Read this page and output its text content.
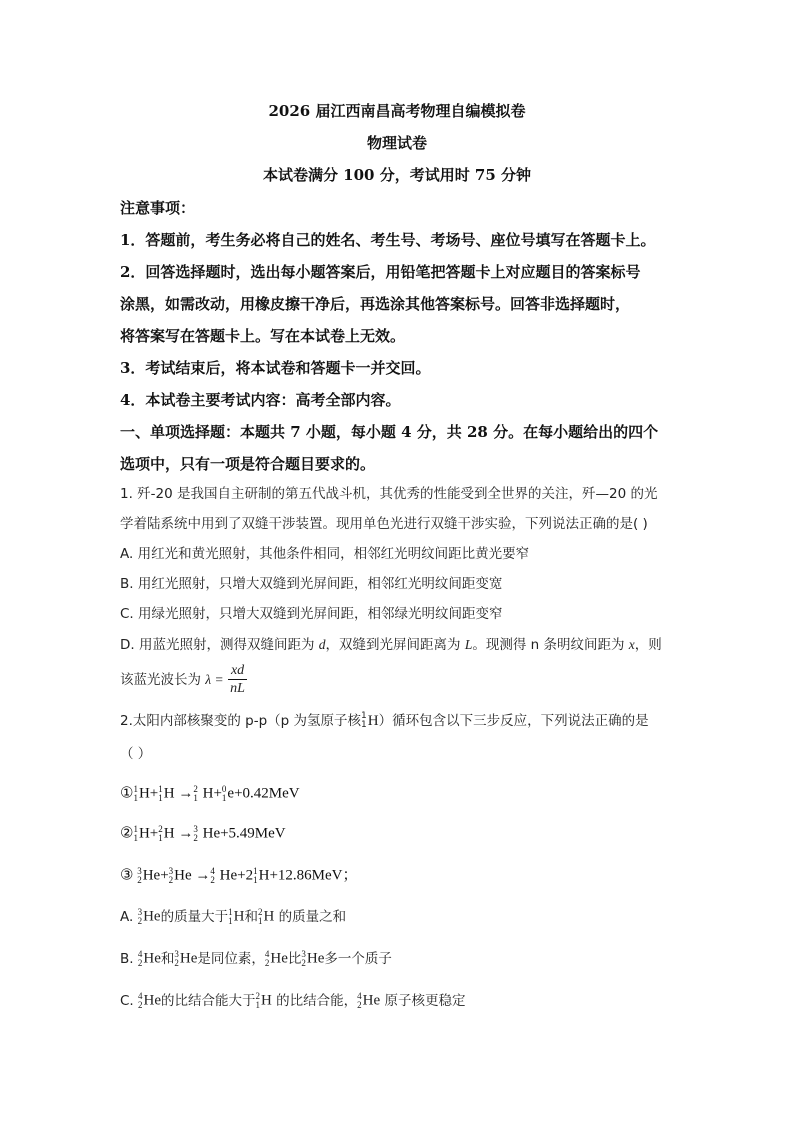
2026 届江西南昌高考物理自编模拟卷
物理试卷
本试卷满分 100 分，考试用时 75 分钟
注意事项：
1．答题前，考生务必将自己的姓名、考生号、考场号、座位号填写在答题卡上。
2．回答选择题时，选出每小题答案后，用铅笔把答题卡上对应题目的答案标号
涂黑，如需改动，用橡皮擦干净后，再选涂其他答案标号。回答非选择题时，
将答案写在答题卡上。写在本试卷上无效。
3．考试结束后，将本试卷和答题卡一并交回。
4．本试卷主要考试内容：高考全部内容。
一、单项选择题：本题共 7 小题，每小题 4 分，共 28 分。在每小题给出的四个
选项中，只有一项是符合题目要求的。
1. 歼-20 是我国自主研制的第五代战斗机，其优秀的性能受到全世界的关注，歼—20 的光
学着陆系统中用到了双缝干涉装置。现用单色光进行双缝干涉实验，下列说法正确的是( )
A. 用红光和黄光照射，其他条件相同，相邻红光明纹间距比黄光要窄
B. 用红光照射，只增大双缝到光屏间距，相邻红光明纹间距变宽
C. 用绿光照射，只增大双缝到光屏间距，相邻绿光明纹间距变窄
D. 用蓝光照射，测得双缝间距为 d，双缝到光屏间距离为 L。现测得 n 条明纹间距为 x，则
该蓝光波长为 $\lambda = \frac{xd}{nL}$
2.太阳内部核聚变的 p-p（p 为氢原子核 1
1 H）循环包含以下三步反应，下列说法正确的是
（ ）
① 1
1 H+ 1
1 H → 2
1 H+ 0
1 e+0.42MeV
② 1
1 H+ 2
1 H → 3
2 He+5.49MeV
③ 3
2 He+ 3
2 He → 4
2 He+2 1
1 H+12.86MeV；
A. 3
2 He的质量大于 1
1 H和 2
1 H 的质量之和
B. 4
2 He和 3
2 He是同位素， 4
2 He比 3
2 He多一个质子
C. 4
2 He的比结合能大于 2
1 H 的比结合能， 4
2 He 原子核更稳定
